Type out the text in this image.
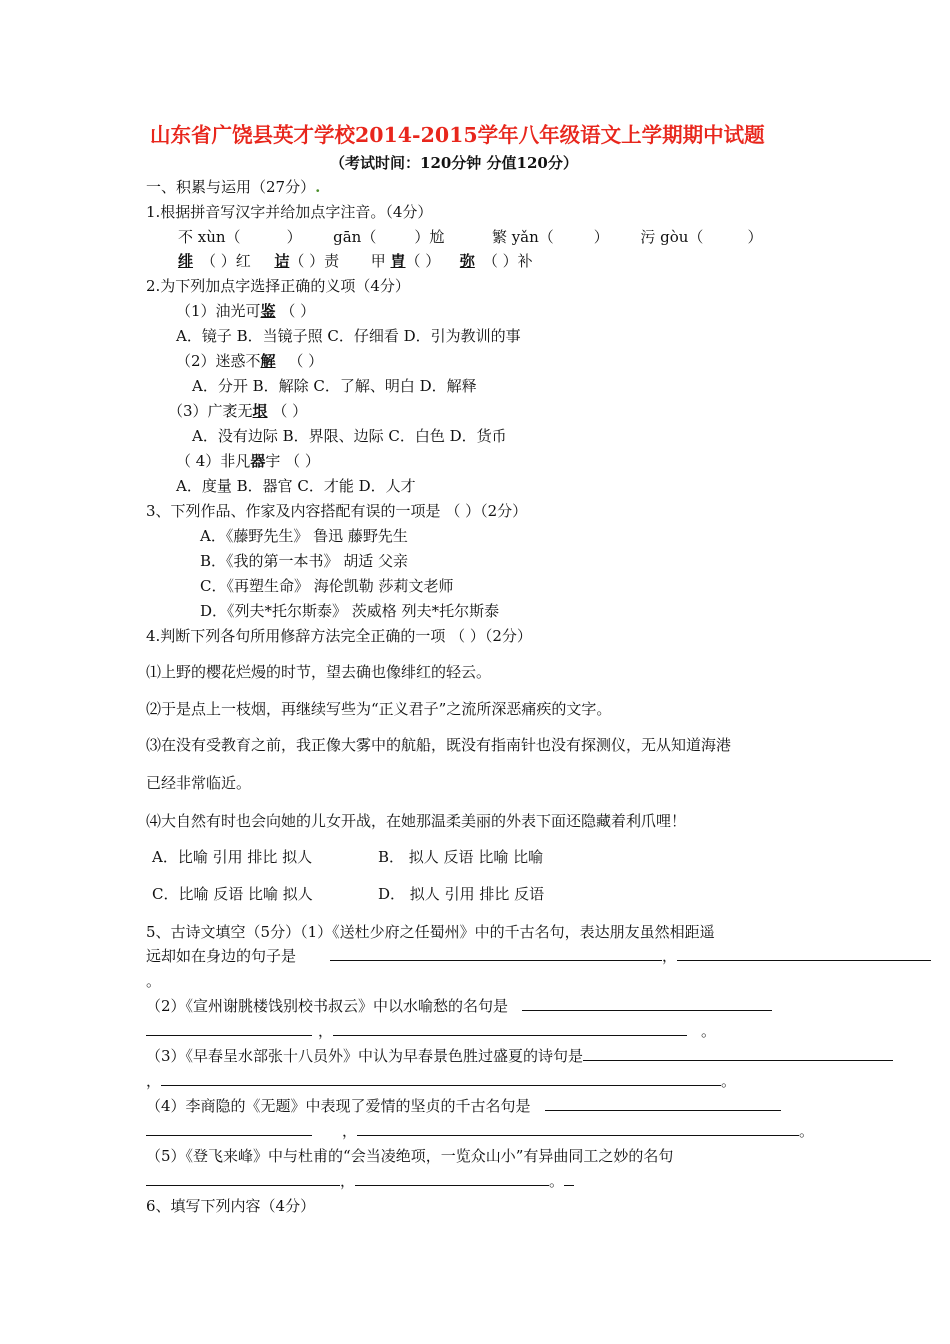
山东省广饶县英才学校2014-2015学年八年级语文上学期期中试题
（考试时间：120分钟 分值120分）
一、积累与运用（27分）.
1.根据拼音写汉字并给加点字注音。（4分）
不 xùn（	） gān（	）尬	繁 yǎn（	） 污 gòu（	）
绯 （ ）红 诘（ ）责 甲 胄（ ） 弥 （ ）补
2.为下列加点字选择正确的义项（4分）
（1）油光可鉴 （ ）
A．镜子 B．当镜子照 C．仔细看 D．引为教训的事
（2）迷惑不解 （ ）
A．分开 B．解除 C．了解、明白 D．解释
（3）广袤无垠 （ ）
A．没有边际 B．界限、边际 C．白色 D．货币
（ 4）非凡器宇 （ ）
A．度量 B．器官 C．才能 D．人才
3、下列作品、作家及内容搭配有误的一项是 （ ）（2分）
A．《藤野先生》 鲁迅 藤野先生
B．《我的第一本书》 胡适 父亲
C．《再塑生命》 海伦凯勒 莎莉文老师
D．《列夫*托尔斯泰》 茨威格 列夫*托尔斯泰
4.判断下列各句所用修辞方法完全正确的一项 （ ）（2分）
⑴上野的樱花烂熳的时节，望去确也像绯红的轻云。
⑵于是点上一枝烟，再继续写些为“正义君子”之流所深恶痛疾的文字。
⑶在没有受教育之前，我正像大雾中的航船，既没有指南针也没有探测仪，无从知道海港
已经非常临近。
⑷大自然有时也会向她的儿女开战，在她那温柔美丽的外表下面还隐藏着利爪哩！
A．比喻 引用 排比 拟人	B． 拟人 反语 比喻 比喻
C．比喻 反语 比喻 拟人	D． 拟人 引用 排比 反语
5、古诗文填空（5分）（1）《送杜少府之任蜀州》中的千古名句，表达朋友虽然相距遥
远却如在身边的句子是	，
。
（2）《宣州谢朓楼饯别校书叔云》中以水喻愁的名句是
，	。
（3）《早春呈水部张十八员外》中认为早春景色胜过盛夏的诗句是
，	。
（4）李商隐的《无题》中表现了爱情的坚贞的千古名句是
，	。
（5）《登飞来峰》中与杜甫的“会当凌绝项，一览众山小”有异曲同工之妙的名句
，	。
6、填写下列内容（4分）
